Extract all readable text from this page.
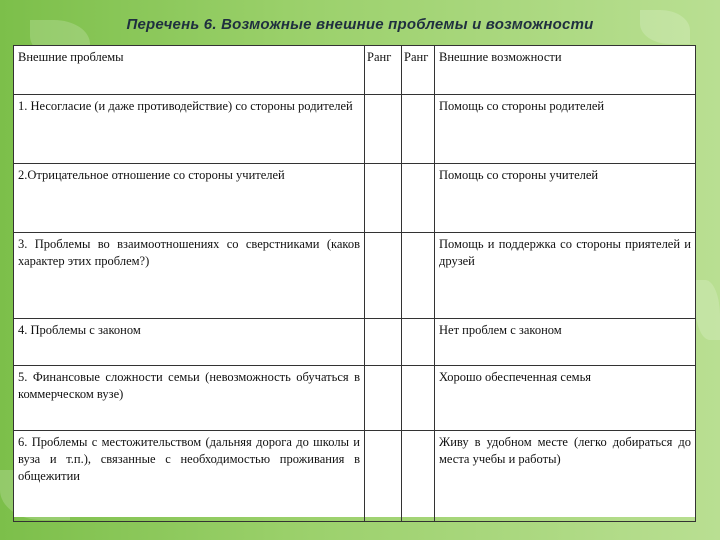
Перечень 6. Возможные внешние проблемы и возможности
Внешние проблемы	Ранг	Ранг	Внешние возможности
1. Несогласие (и даже противодействие) со стороны родителей			Помощь со стороны родителей
2.Отрицательное отношение со стороны учителей			Помощь со стороны учителей
3. Проблемы во взаимоотношениях со сверстниками (каков характер этих проблем?)			Помощь и поддержка со стороны приятелей и друзей
4. Проблемы с законом			Нет проблем с законом
5. Финансовые сложности семьи (невозможность обучаться в коммерческом вузе)			Хорошо обеспеченная семья
6. Проблемы с местожительством (дальняя дорога до школы и вуза и т.п.), связанные с необходимостью проживания в общежитии			Живу в удобном месте (легко добираться до места учебы и работы)
